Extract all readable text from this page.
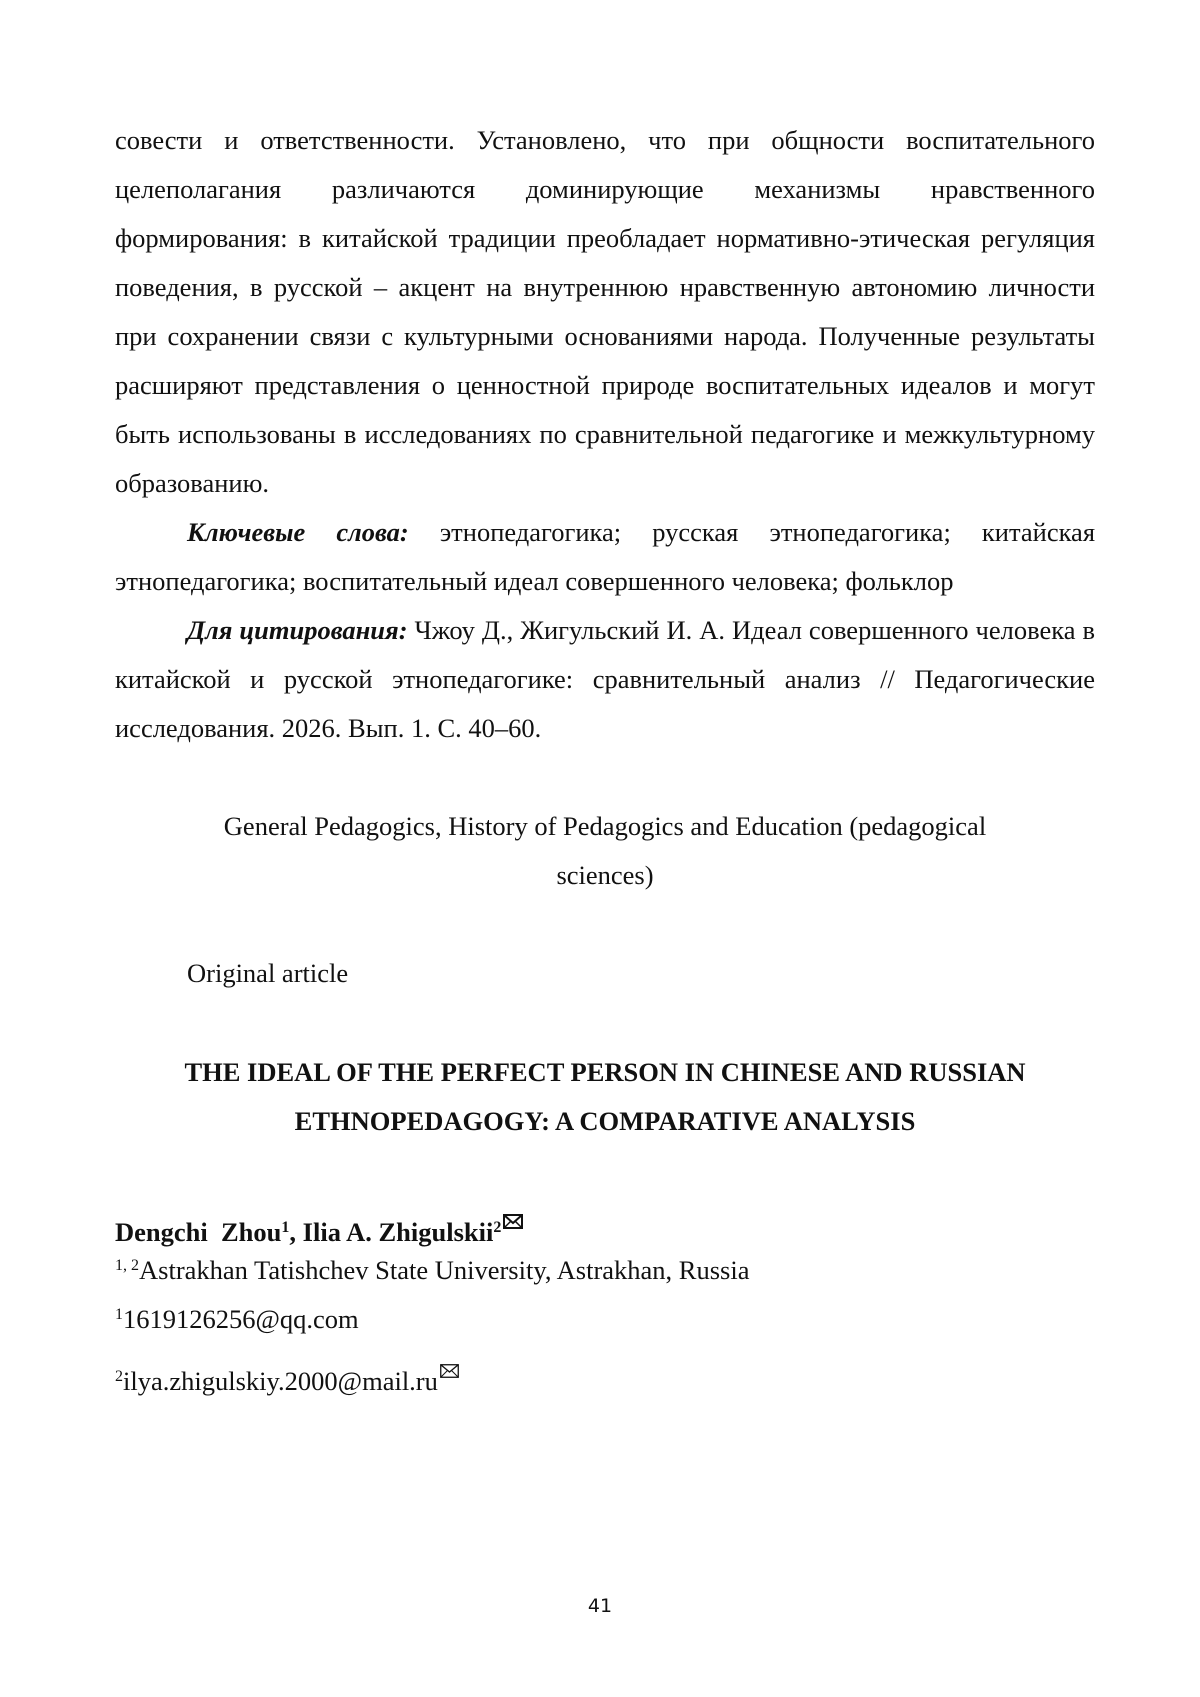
совести и ответственности. Установлено, что при общности воспитательного целеполагания различаются доминирующие механизмы нравственного формирования: в китайской традиции преобладает нормативно-этическая регуляция поведения, в русской – акцент на внутреннюю нравственную автономию личности при сохранении связи с культурными основаниями народа. Полученные результаты расширяют представления о ценностной природе воспитательных идеалов и могут быть использованы в исследованиях по сравнительной педагогике и межкультурному образованию.

Ключевые слова: этнопедагогика; русская этнопедагогика; китайская этнопедагогика; воспитательный идеал совершенного человека; фольклор

Для цитирования: Чжоу Д., Жигульский И. А. Идеал совершенного человека в китайской и русской этнопедагогике: сравнительный анализ // Педагогические исследования. 2026. Вып. 1. С. 40–60.

General Pedagogics, History of Pedagogics and Education (pedagogical
sciences)

Original article

THE IDEAL OF THE PERFECT PERSON IN CHINESE AND RUSSIAN
ETHNOPEDAGOGY: A COMPARATIVE ANALYSIS

Dengchi  Zhou$^1$, Ilia A. Zhigulskii$^2$

$^{1, 2}$Astrakhan Tatishchev State University, Astrakhan, Russia

$^1$1619126256@qq.com

$^2$ilya.zhigulskiy.2000@mail.ru

41
